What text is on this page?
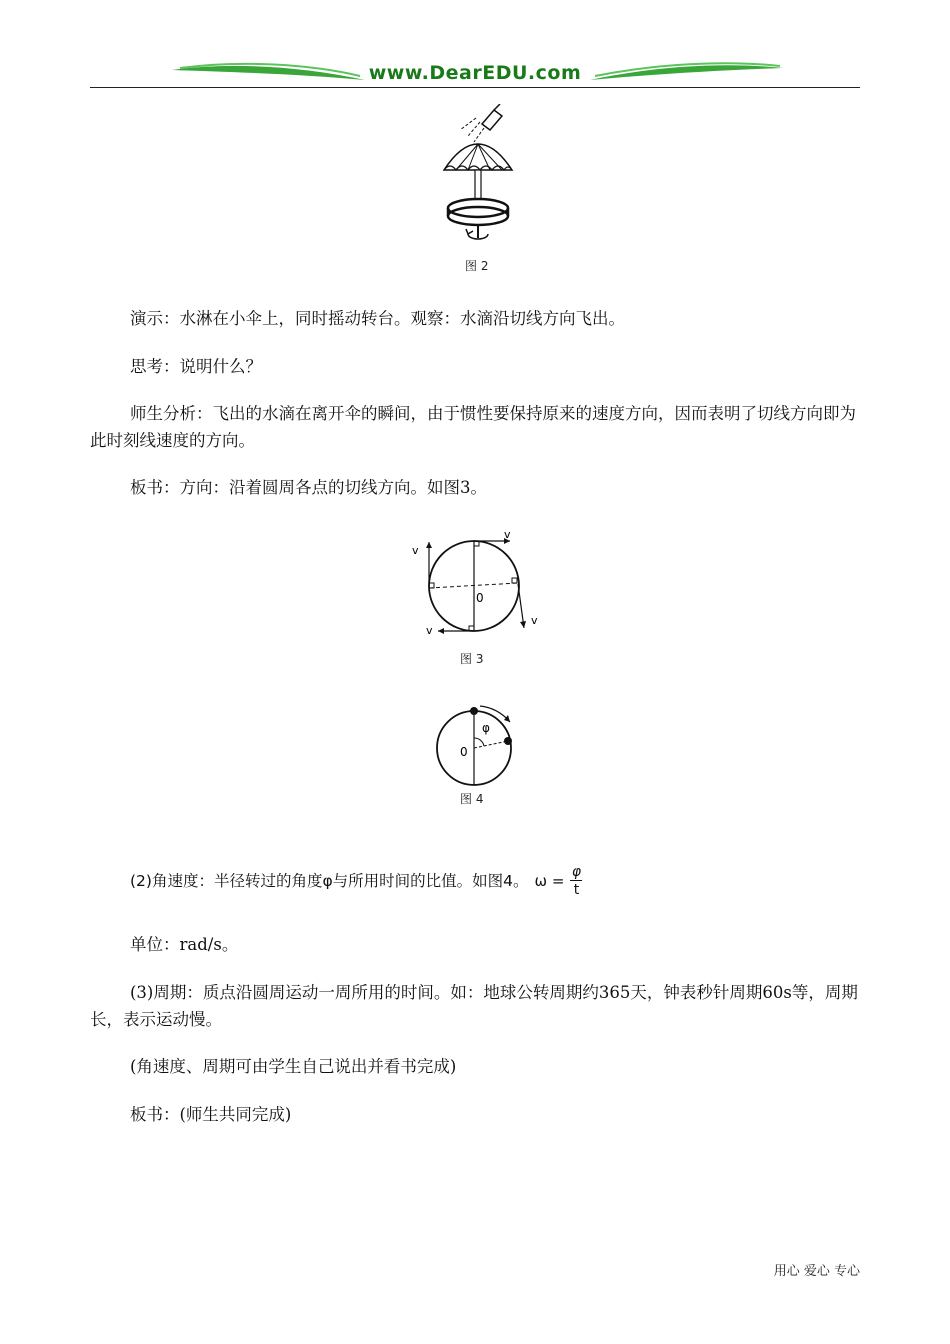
www.DearEDU.com
图 2

演示：水淋在小伞上，同时摇动转台。观察：水滴沿切线方向飞出。

思考：说明什么？

师生分析：飞出的水滴在离开伞的瞬间，由于惯性要保持原来的速度方向，因而表明了切线方向即为此时刻线速度的方向。

板书：方向：沿着圆周各点的切线方向。如图3。

v
v
v
v
0
图 3
φ
0
图 4

(2)角速度：半径转过的角度φ与所用时间的比值。如图4。 $\omega = \frac{\varphi}{t}$

单位：rad/s。

(3)周期：质点沿圆周运动一周所用的时间。如：地球公转周期约365天，钟表秒针周期60s等，周期长，表示运动慢。

(角速度、周期可由学生自己说出并看书完成)

板书：(师生共同完成)

用心 爱心 专心
